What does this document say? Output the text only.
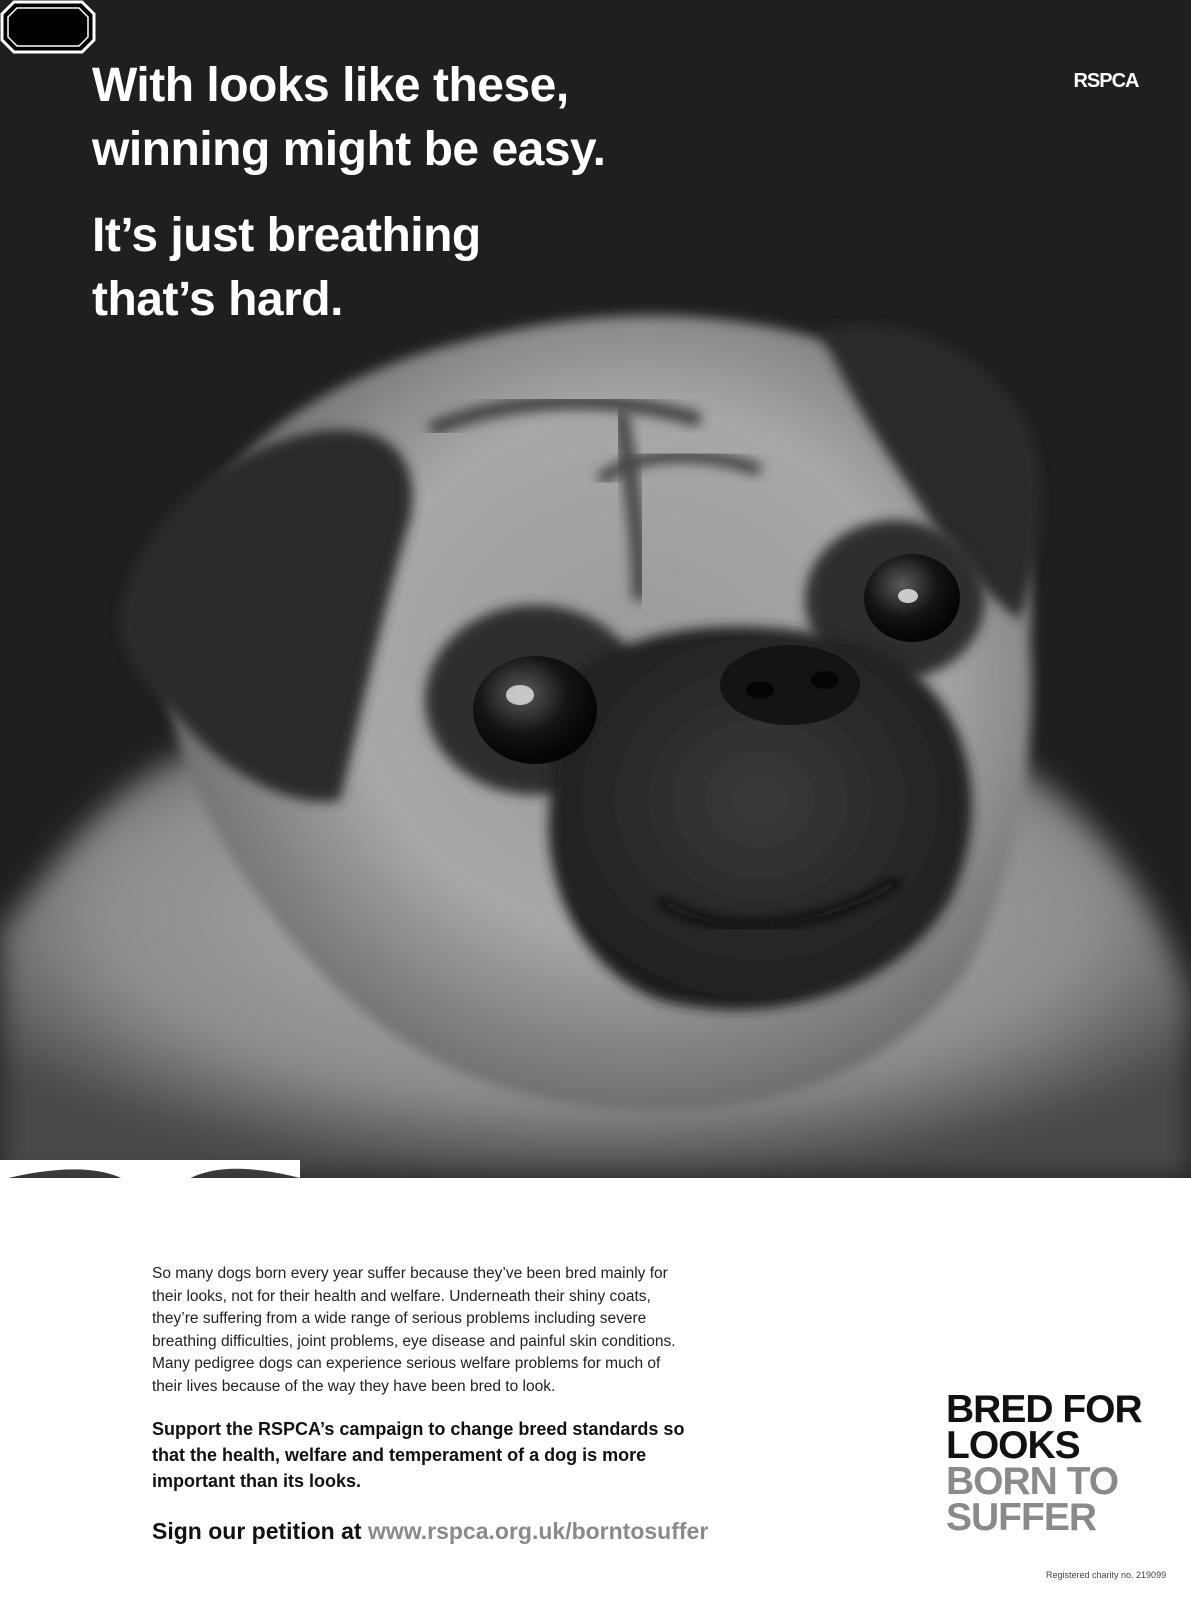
With looks like these,
winning might be easy.
It’s just breathing
that’s hard.
RSPCA
So many dogs born every year suffer because they’ve been bred mainly for
their looks, not for their health and welfare. Underneath their shiny coats,
they’re suffering from a wide range of serious problems including severe
breathing difficulties, joint problems, eye disease and painful skin conditions.
Many pedigree dogs can experience serious welfare problems for much of
their lives because of the way they have been bred to look.
Support the RSPCA’s campaign to change breed standards so
that the health, welfare and temperament of a dog is more
important than its looks.
Sign our petition at www.rspca.org.uk/borntosuffer
BRED FOR
LOOKS
BORN TO
SUFFER
Registered charity no. 219099
